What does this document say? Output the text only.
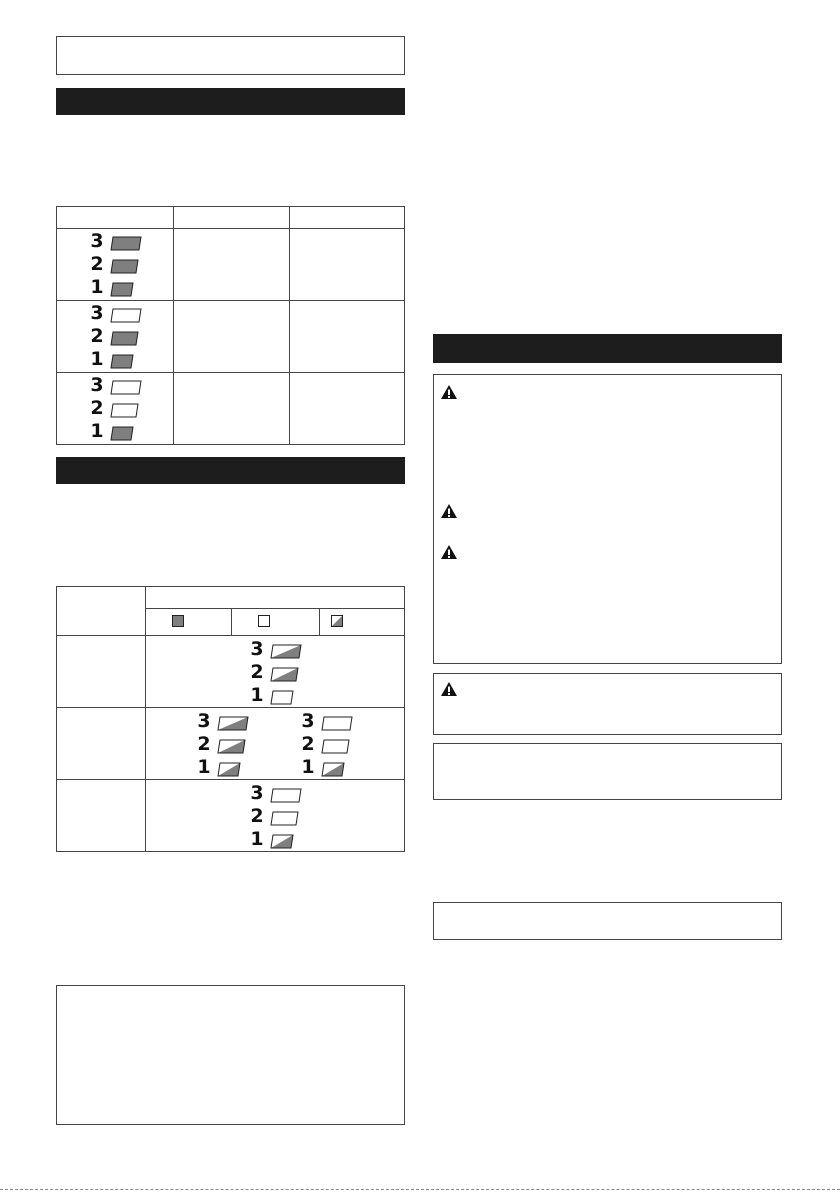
3
2
1
3
2
1
3
2
1
3
2
1
3
2
1
3
2
1
3
2
1
